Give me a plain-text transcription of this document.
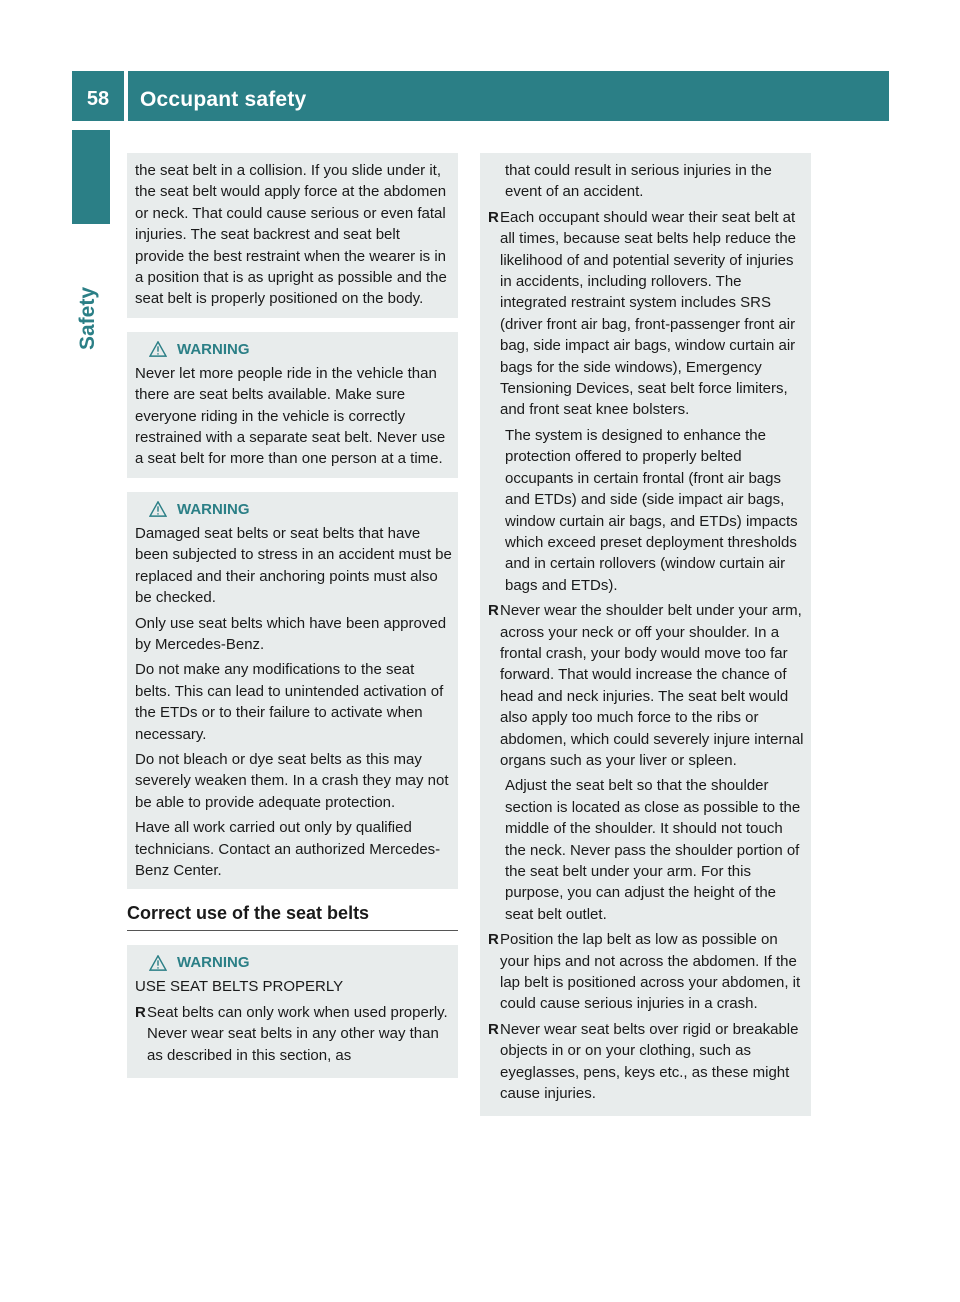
58	Occupant safety
Safety

the seat belt in a collision. If you slide under it, the seat belt would apply force at the abdomen or neck. That could cause serious or even fatal injuries. The seat backrest and seat belt provide the best restraint when the wearer is in a position that is as upright as possible and the seat belt is properly positioned on the body.

WARNING

Never let more people ride in the vehicle than there are seat belts available. Make sure everyone riding in the vehicle is correctly restrained with a separate seat belt. Never use a seat belt for more than one person at a time.

WARNING

Damaged seat belts or seat belts that have been subjected to stress in an accident must be replaced and their anchoring points must also be checked.

Only use seat belts which have been approved by Mercedes-Benz.

Do not make any modifications to the seat belts. This can lead to unintended activation of the ETDs or to their failure to activate when necessary.

Do not bleach or dye seat belts as this may severely weaken them. In a crash they may not be able to provide adequate protection.

Have all work carried out only by qualified technicians. Contact an authorized Mercedes-Benz Center.

Correct use of the seat belts
WARNING

USE SEAT BELTS PROPERLY

R Seat belts can only work when used properly. Never wear seat belts in any other way than as described in this section, as

that could result in serious injuries in the event of an accident.

R Each occupant should wear their seat belt at all times, because seat belts help reduce the likelihood of and potential severity of injuries in accidents, including rollovers. The integrated restraint system includes SRS (driver front air bag, front-passenger front air bag, side impact air bags, window curtain air bags for the side windows), Emergency Tensioning Devices, seat belt force limiters, and front seat knee bolsters.

The system is designed to enhance the protection offered to properly belted occupants in certain frontal (front air bags and ETDs) and side (side impact air bags, window curtain air bags, and ETDs) impacts which exceed preset deployment thresholds and in certain rollovers (window curtain air bags and ETDs).

R Never wear the shoulder belt under your arm, across your neck or off your shoulder. In a frontal crash, your body would move too far forward. That would increase the chance of head and neck injuries. The seat belt would also apply too much force to the ribs or abdomen, which could severely injure internal organs such as your liver or spleen.

Adjust the seat belt so that the shoulder section is located as close as possible to the middle of the shoulder. It should not touch the neck. Never pass the shoulder portion of the seat belt under your arm. For this purpose, you can adjust the height of the seat belt outlet.

R Position the lap belt as low as possible on your hips and not across the abdomen. If the lap belt is positioned across your abdomen, it could cause serious injuries in a crash.
R Never wear seat belts over rigid or breakable objects in or on your clothing, such as eyeglasses, pens, keys etc., as these might cause injuries.
